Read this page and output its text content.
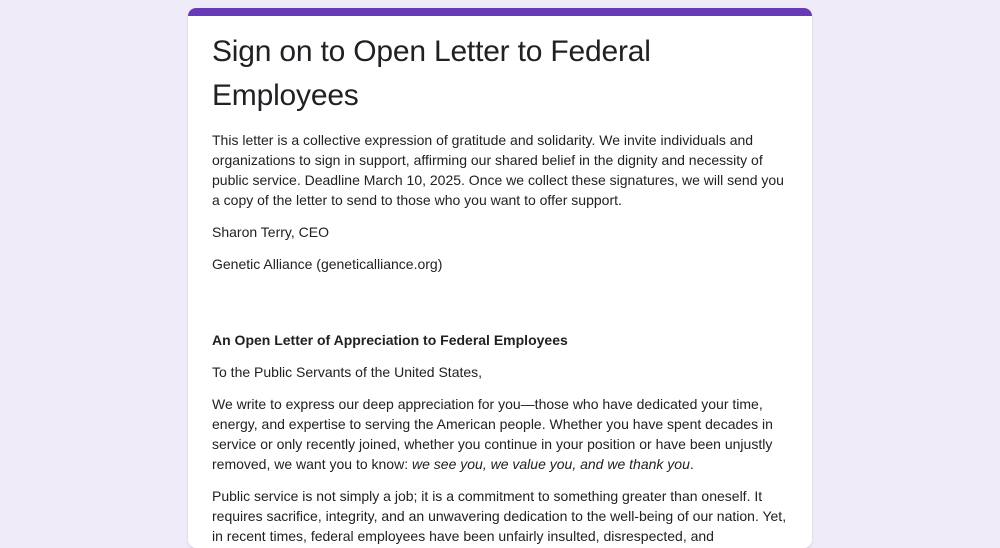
Sign on to Open Letter to Federal Employees

This letter is a collective expression of gratitude and solidarity. We invite individuals and organizations to sign in support, affirming our shared belief in the dignity and necessity of public service. Deadline March 10, 2025. Once we collect these signatures, we will send you a copy of the letter to send to those who you want to offer support.

Sharon Terry, CEO

Genetic Alliance (geneticalliance.org)

An Open Letter of Appreciation to Federal Employees

To the Public Servants of the United States,

We write to express our deep appreciation for you—those who have dedicated your time, energy, and expertise to serving the American people. Whether you have spent decades in service or only recently joined, whether you continue in your position or have been unjustly removed, we want you to know: we see you, we value you, and we thank you.

Public service is not simply a job; it is a commitment to something greater than oneself. It requires sacrifice, integrity, and an unwavering dedication to the well-being of our nation. Yet, in recent times, federal employees have been unfairly insulted, disrespected, and
